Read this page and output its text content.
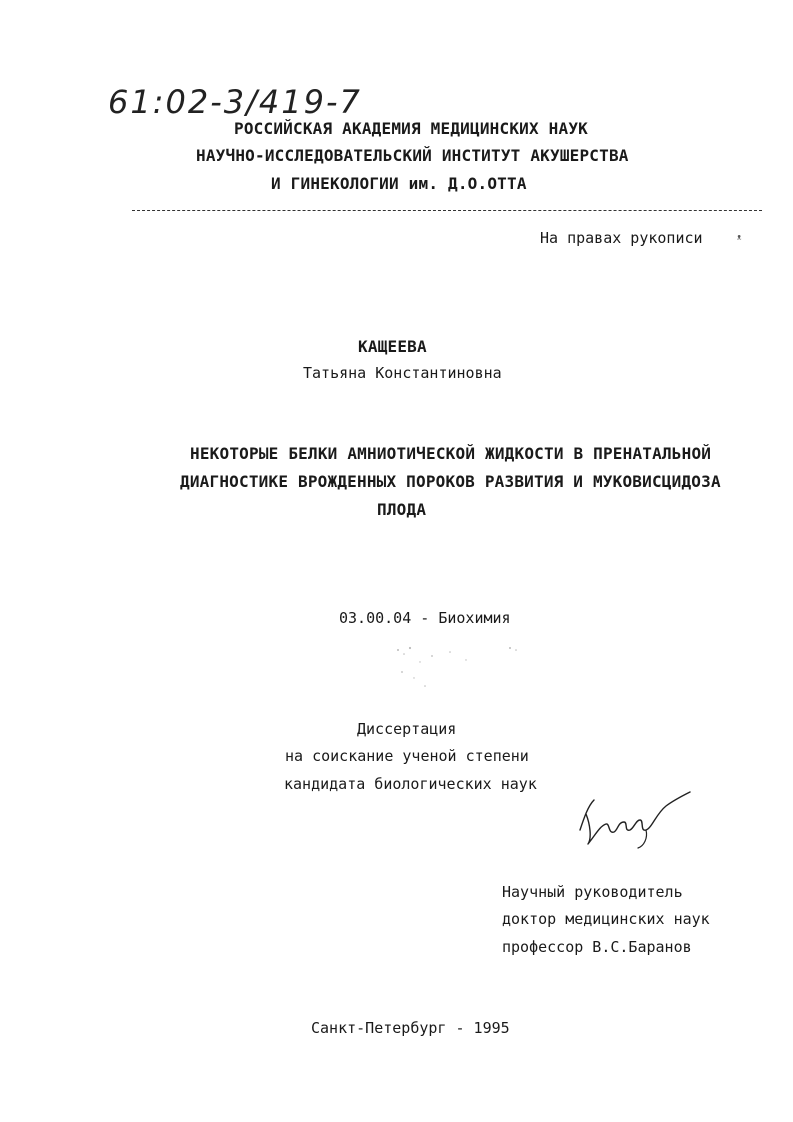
61:02-3/419-7
РОССИЙСКАЯ АКАДЕМИЯ МЕДИЦИНСКИХ НАУК
НАУЧНО-ИССЛЕДОВАТЕЛЬСКИЙ ИНСТИТУТ АКУШЕРСТВА
И ГИНЕКОЛОГИИ им. Д.О.ОТТА
На правах рукописи	ᵜ
КАЩЕЕВА
Татьяна Константиновна
НЕКОТОРЫЕ БЕЛКИ АМНИОТИЧЕСКОЙ ЖИДКОСТИ В ПРЕНАТАЛЬНОЙ
ДИАГНОСТИКЕ ВРОЖДЕННЫХ ПОРОКОВ РАЗВИТИЯ И МУКОВИСЦИДОЗА
ПЛОДА
03.00.04 - Биохимия
Диссертация
на соискание ученой степени
кандидата биологических наук
Научный руководитель
доктор медицинских наук
профессор В.С.Баранов
Санкт-Петербург - 1995
